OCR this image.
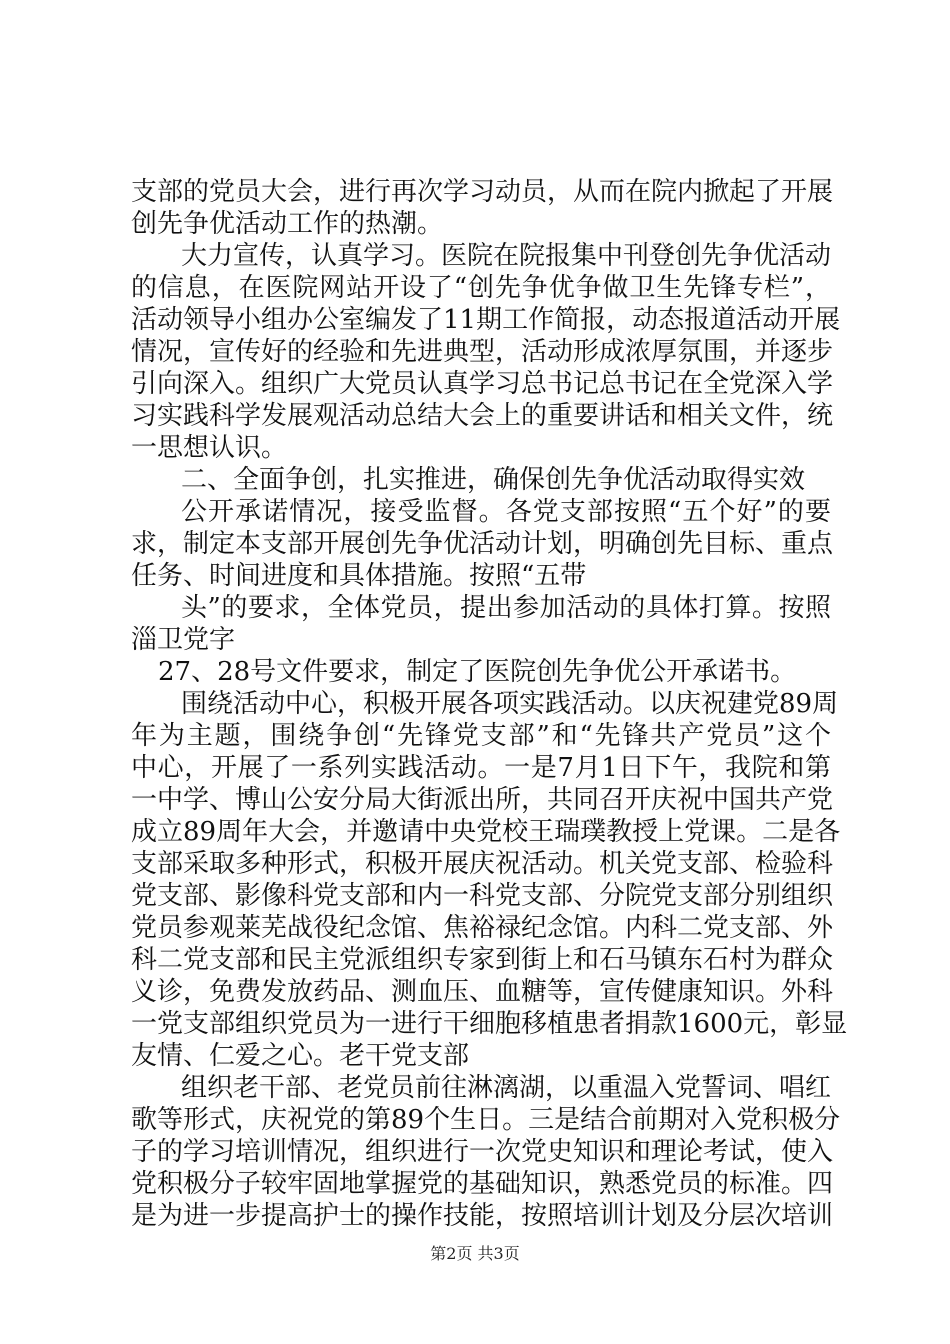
支部的党员大会，进行再次学习动员，从而在院内掀起了开展
创先争优活动工作的热潮。
大力宣传，认真学习。医院在院报集中刊登创先争优活动
的信息，在医院网站开设了“创先争优争做卫生先锋专栏”，
活动领导小组办公室编发了11期工作简报，动态报道活动开展
情况，宣传好的经验和先进典型，活动形成浓厚氛围，并逐步
引向深入。组织广大党员认真学习总书记总书记在全党深入学
习实践科学发展观活动总结大会上的重要讲话和相关文件，统
一思想认识。
二、全面争创，扎实推进，确保创先争优活动取得实效
公开承诺情况，接受监督。各党支部按照“五个好”的要
求，制定本支部开展创先争优活动计划，明确创先目标、重点
任务、时间进度和具体措施。按照“五带
头”的要求，全体党员，提出参加活动的具体打算。按照
淄卫党字
27、28号文件要求，制定了医院创先争优公开承诺书。
围绕活动中心，积极开展各项实践活动。以庆祝建党89周
年为主题，围绕争创“先锋党支部”和“先锋共产党员”这个
中心，开展了一系列实践活动。一是7月1日下午，我院和第
一中学、博山公安分局大街派出所，共同召开庆祝中国共产党
成立89周年大会，并邀请中央党校王瑞璞教授上党课。二是各
支部采取多种形式，积极开展庆祝活动。机关党支部、检验科
党支部、影像科党支部和内一科党支部、分院党支部分别组织
党员参观莱芜战役纪念馆、焦裕禄纪念馆。内科二党支部、外
科二党支部和民主党派组织专家到街上和石马镇东石村为群众
义诊，免费发放药品、测血压、血糖等，宣传健康知识。外科
一党支部组织党员为一进行干细胞移植患者捐款1600元，彰显
友情、仁爱之心。老干党支部
组织老干部、老党员前往淋漓湖，以重温入党誓词、唱红
歌等形式，庆祝党的第89个生日。三是结合前期对入党积极分
子的学习培训情况，组织进行一次党史知识和理论考试，使入
党积极分子较牢固地掌握党的基础知识，熟悉党员的标准。四
是为进一步提高护士的操作技能，按照培训计划及分层次培训
第2页 共3页
